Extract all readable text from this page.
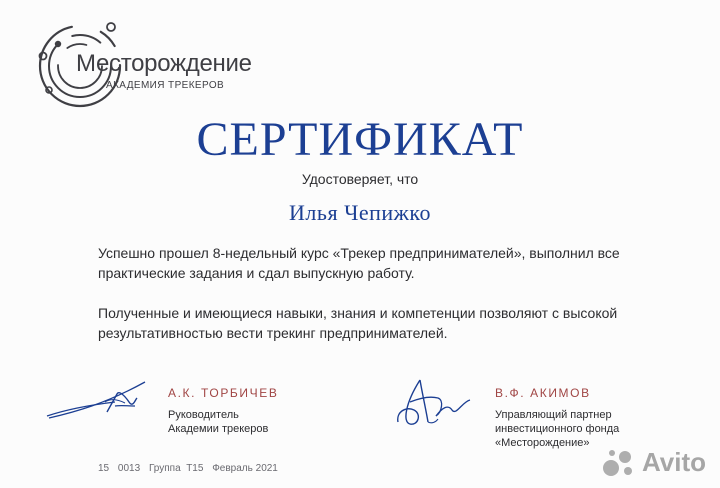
Месторождение
АКАДЕМИЯ ТРЕКЕРОВ
СЕРТИФИКАТ
Удостоверяет, что
Илья Чепижко
Успешно прошел 8-недельный курс «Трекер предпринимателей», выполнил все практические задания и сдал выпускную работу.
Полученные и имеющиеся навыки, знания и компетенции позволяют с высокой результативностью вести трекинг предпринимателей.
А.К. ТОРБИЧЕВ
Руководитель
Академии трекеров
В.Ф. АКИМОВ
Управляющий партнер
инвестиционного фонда
«Месторождение»
15 0013 Группа  Т15 Февраль 2021	Avito
